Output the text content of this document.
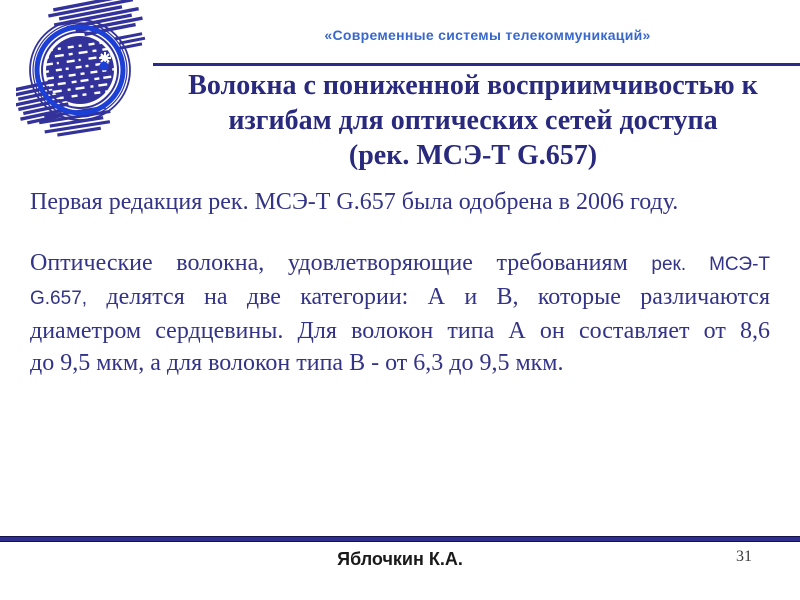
«Современные системы телекоммуникаций»
Волокна с пониженной восприимчивостью к
изгибам для оптических сетей доступа
(рек. МСЭ-Т G.657)

Первая редакция рек. МСЭ-Т G.657 была одобрена в 2006 году.

Оптические волокна, удовлетворяющие требованиям рек. МСЭ-Т
G.657, делятся на две категории: А и В, которые различаются
диаметром сердцевины. Для волокон типа А он составляет от 8,6
до 9,5 мкм, а для волокон типа В - от 6,3 до 9,5 мкм.
Яблочкин К.А.	31
